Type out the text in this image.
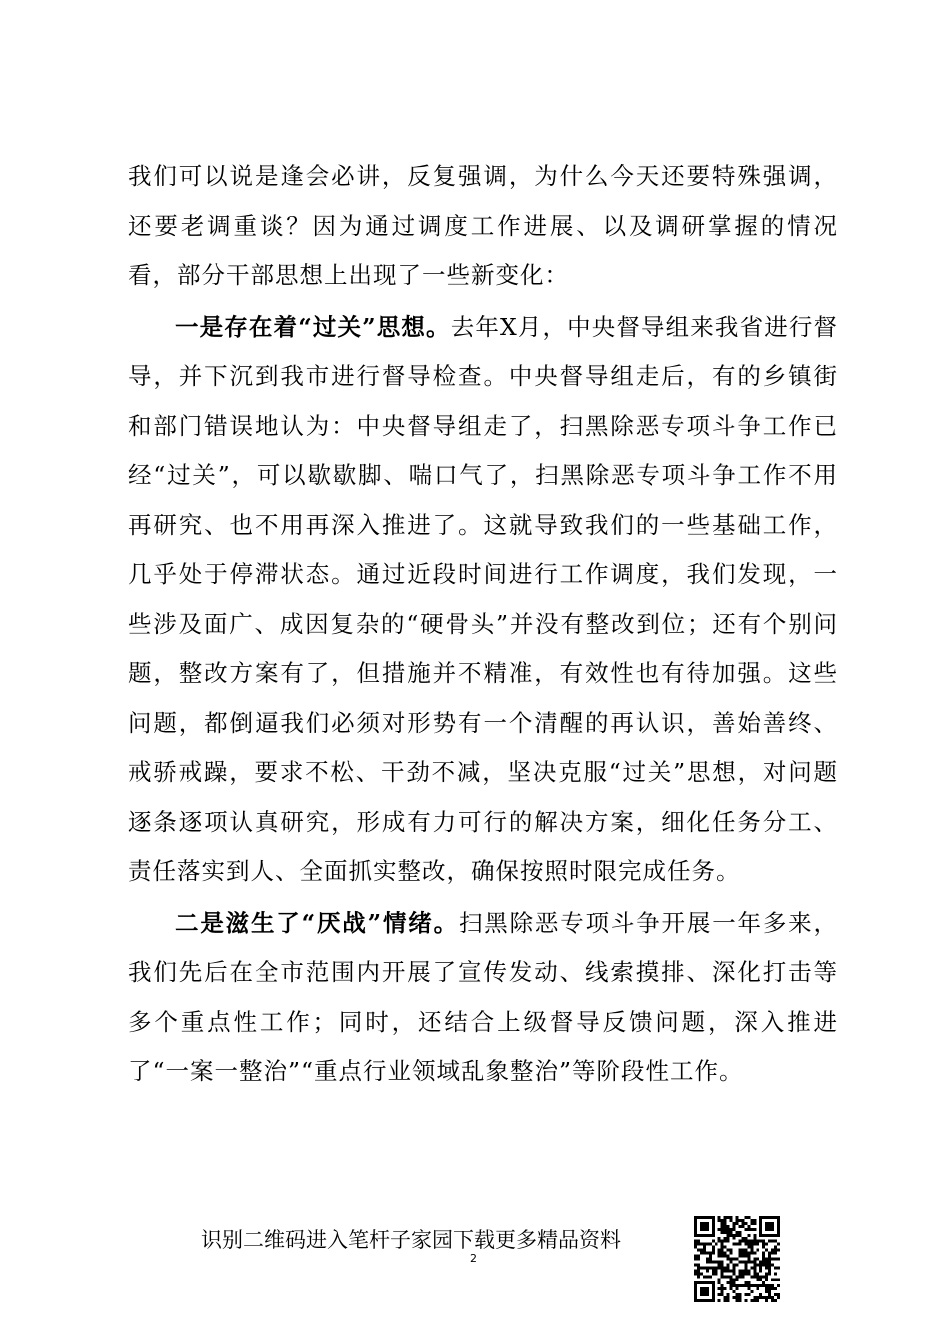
我们可以说是逢会必讲，反复强调，为什么今天还要特殊强调，还要老调重谈？因为通过调度工作进展、以及调研掌握的情况看，部分干部思想上出现了一些新变化：

一是存在着“过关”思想。去年X月，中央督导组来我省进行督导，并下沉到我市进行督导检查。中央督导组走后，有的乡镇街和部门错误地认为：中央督导组走了，扫黑除恶专项斗争工作已经“过关”，可以歇歇脚、喘口气了，扫黑除恶专项斗争工作不用再研究、也不用再深入推进了。这就导致我们的一些基础工作，几乎处于停滞状态。通过近段时间进行工作调度，我们发现，一些涉及面广、成因复杂的“硬骨头”并没有整改到位；还有个别问题，整改方案有了，但措施并不精准，有效性也有待加强。这些问题，都倒逼我们必须对形势有一个清醒的再认识，善始善终、戒骄戒躁，要求不松、干劲不减，坚决克服“过关”思想，对问题逐条逐项认真研究，形成有力可行的解决方案，细化任务分工、责任落实到人、全面抓实整改，确保按照时限完成任务。

二是滋生了“厌战”情绪。扫黑除恶专项斗争开展一年多来，我们先后在全市范围内开展了宣传发动、线索摸排、深化打击等多个重点性工作；同时，还结合上级督导反馈问题，深入推进了“一案一整治”“重点行业领域乱象整治”等阶段性工作。

识别二维码进入笔杆子家园下载更多精品资料
2
